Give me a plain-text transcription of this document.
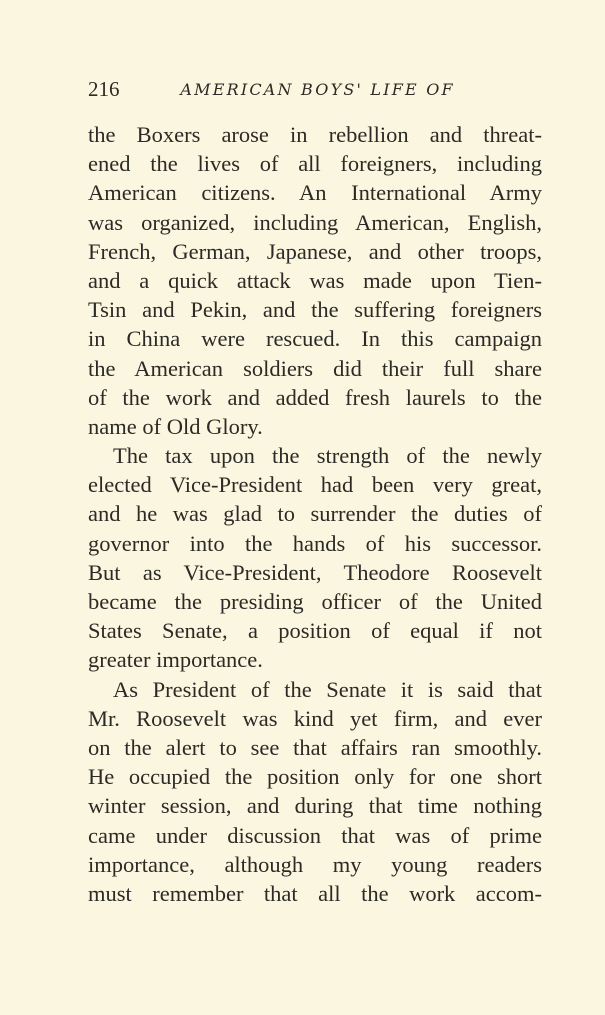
216	AMERICAN BOYS' LIFE OF
the Boxers arose in rebellion and threat-
ened the lives of all foreigners, including
American citizens. An International Army
was organized, including American, English,
French, German, Japanese, and other troops,
and a quick attack was made upon Tien-
Tsin and Pekin, and the suffering foreigners
in China were rescued. In this campaign
the American soldiers did their full share
of the work and added fresh laurels to the
name of Old Glory.
The tax upon the strength of the newly
elected Vice-President had been very great,
and he was glad to surrender the duties of
governor into the hands of his successor.
But as Vice-President, Theodore Roosevelt
became the presiding officer of the United
States Senate, a position of equal if not
greater importance.
As President of the Senate it is said that
Mr. Roosevelt was kind yet firm, and ever
on the alert to see that affairs ran smoothly.
He occupied the position only for one short
winter session, and during that time nothing
came under discussion that was of prime
importance, although my young readers
must remember that all the work accom-
